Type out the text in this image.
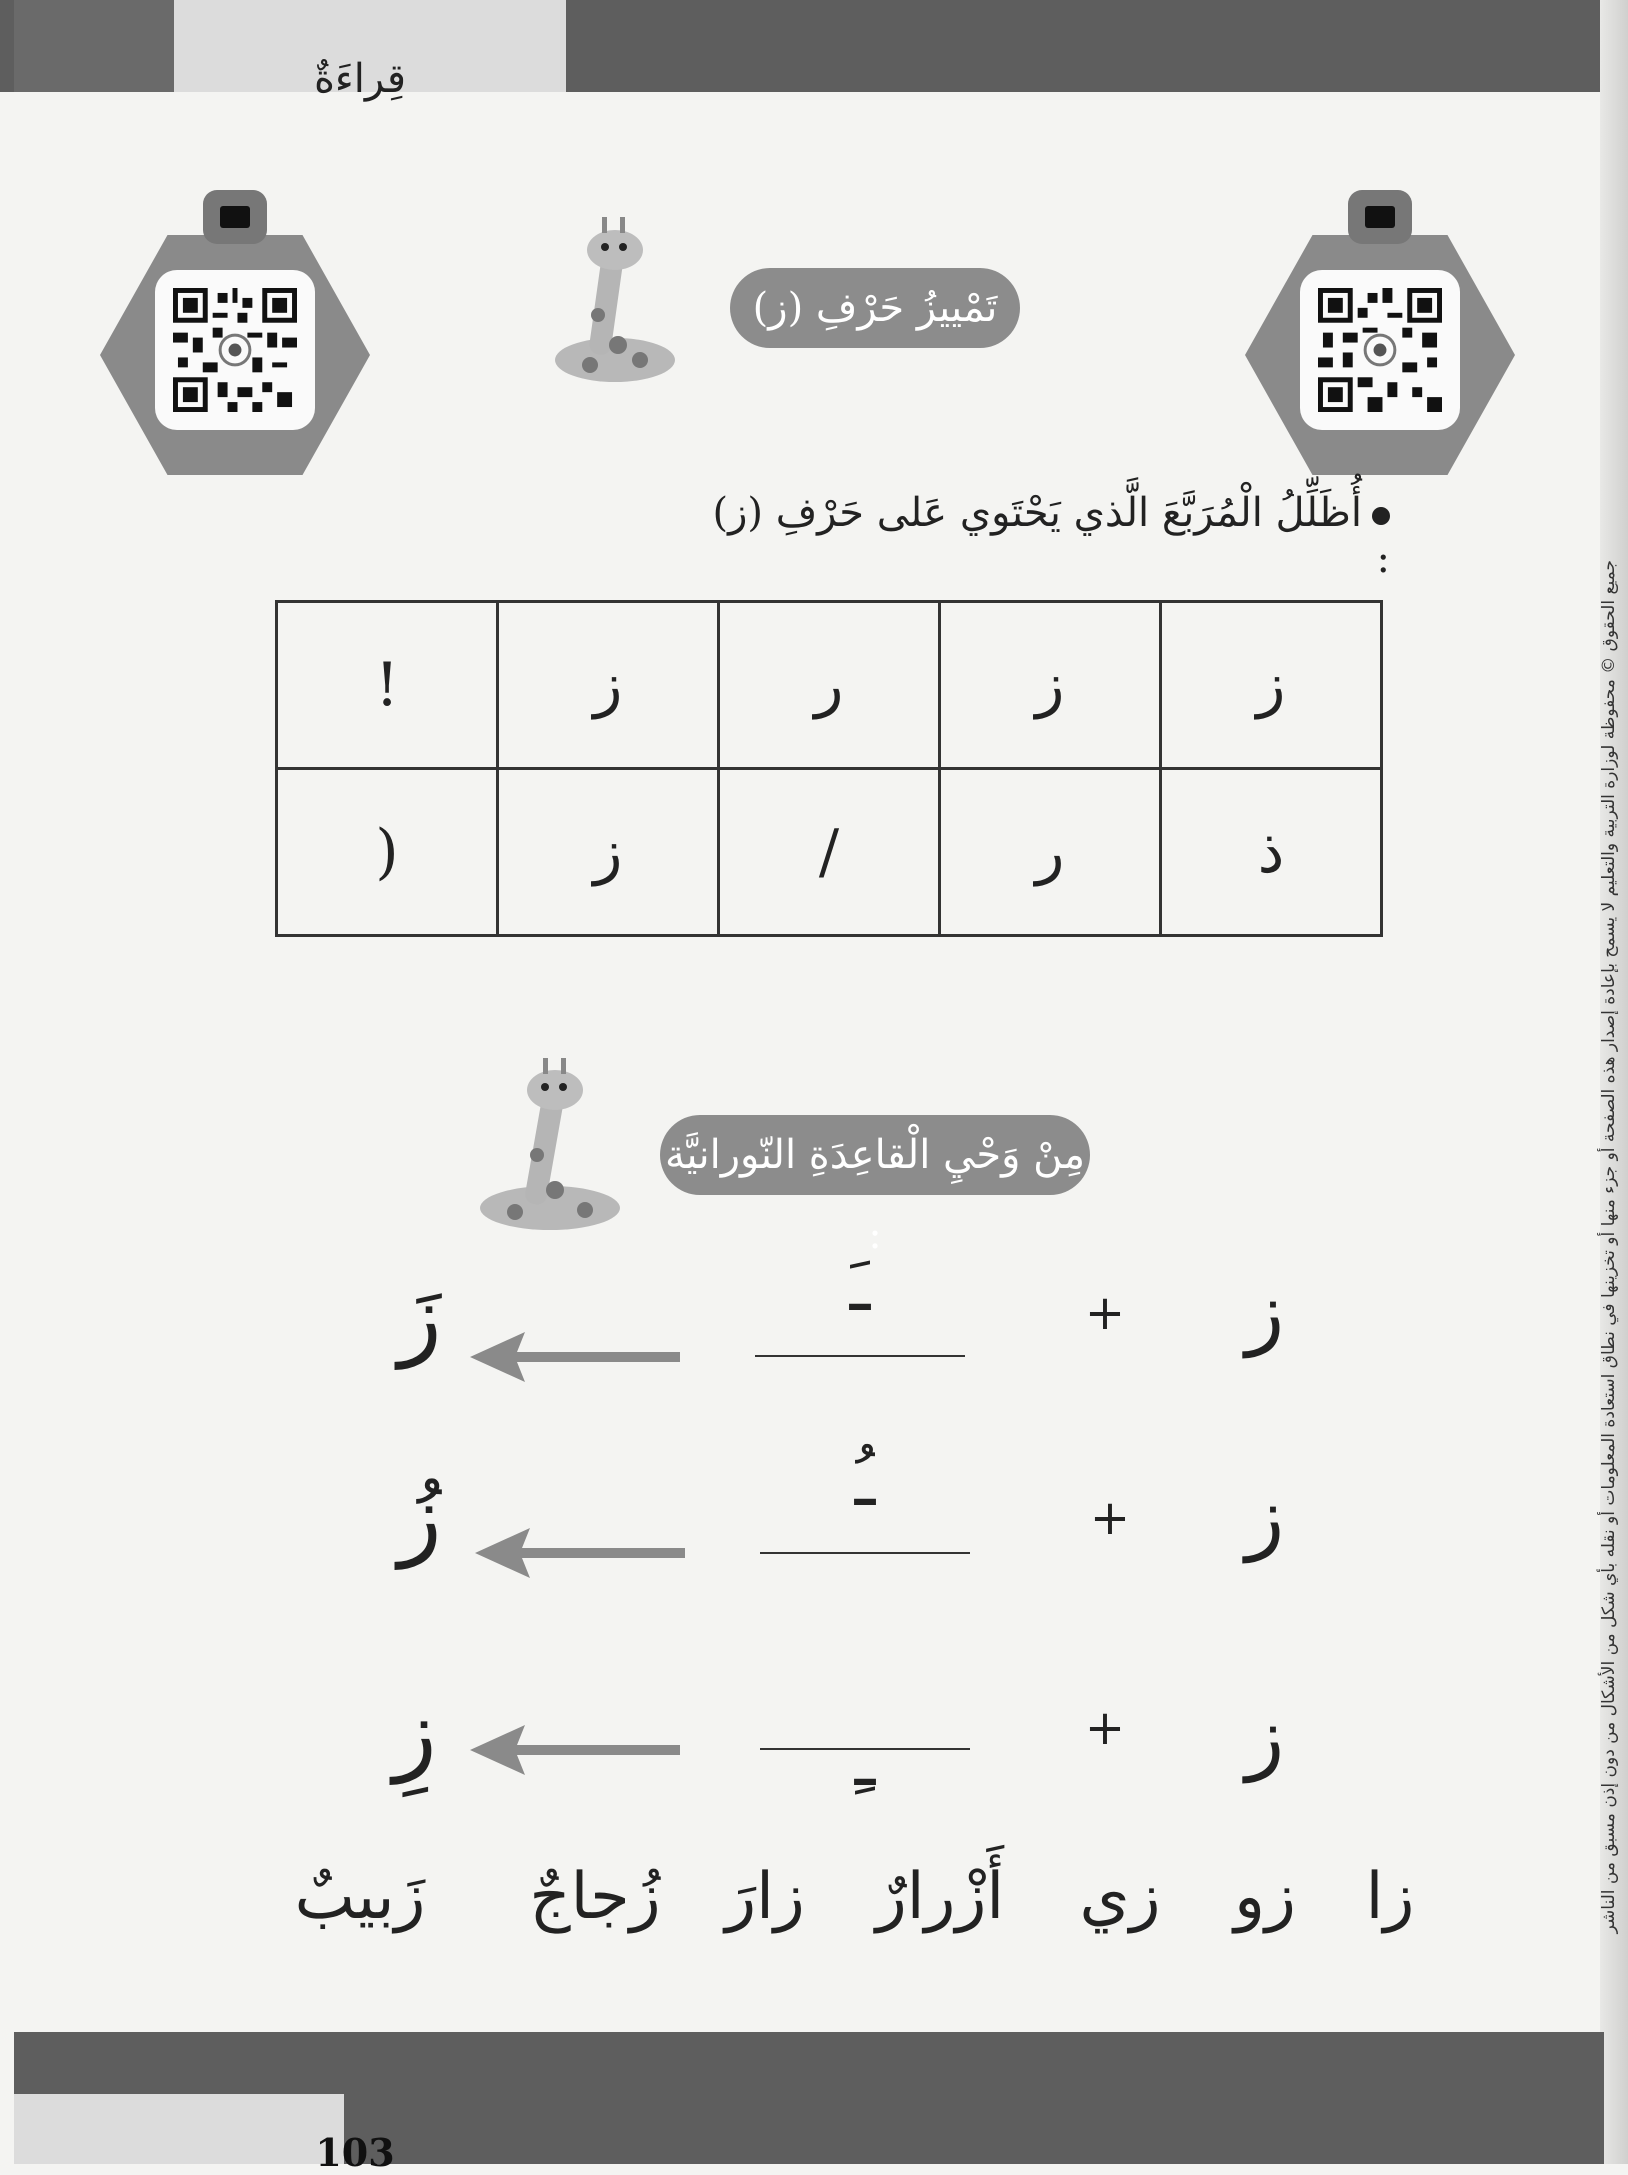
قِراءَةٌ
جميع الحقوق © محفوظة لوزارة التربية والتعليم لا يسمح بإعادة إصدار هذه الصفحة أو جزء منها أو تخزينها في نطاق استعادة المعلومات أو نقله بأي شكل من الأشكال من دون إذن مسبق من الناشر
تَمْييزُ حَرْفِ (ز)
أُظَلِّلُ الْمُرَبَّعَ الَّذي يَحْتَوي عَلى حَرْفِ (ز) :
!	ز	ر	ز	ز
)	ز	/	ر	ذ
مِنْ وَحْيِ الْقاعِدَةِ النّورانيَّة :
ز
+
ـَ
زَ
ز
+
ـُ
زُ
ز
+
ـِ
زِ
زا
زو
زي
أَزْرارٌ
زارَ
زُجاجٌ
زَبيبٌ
103
